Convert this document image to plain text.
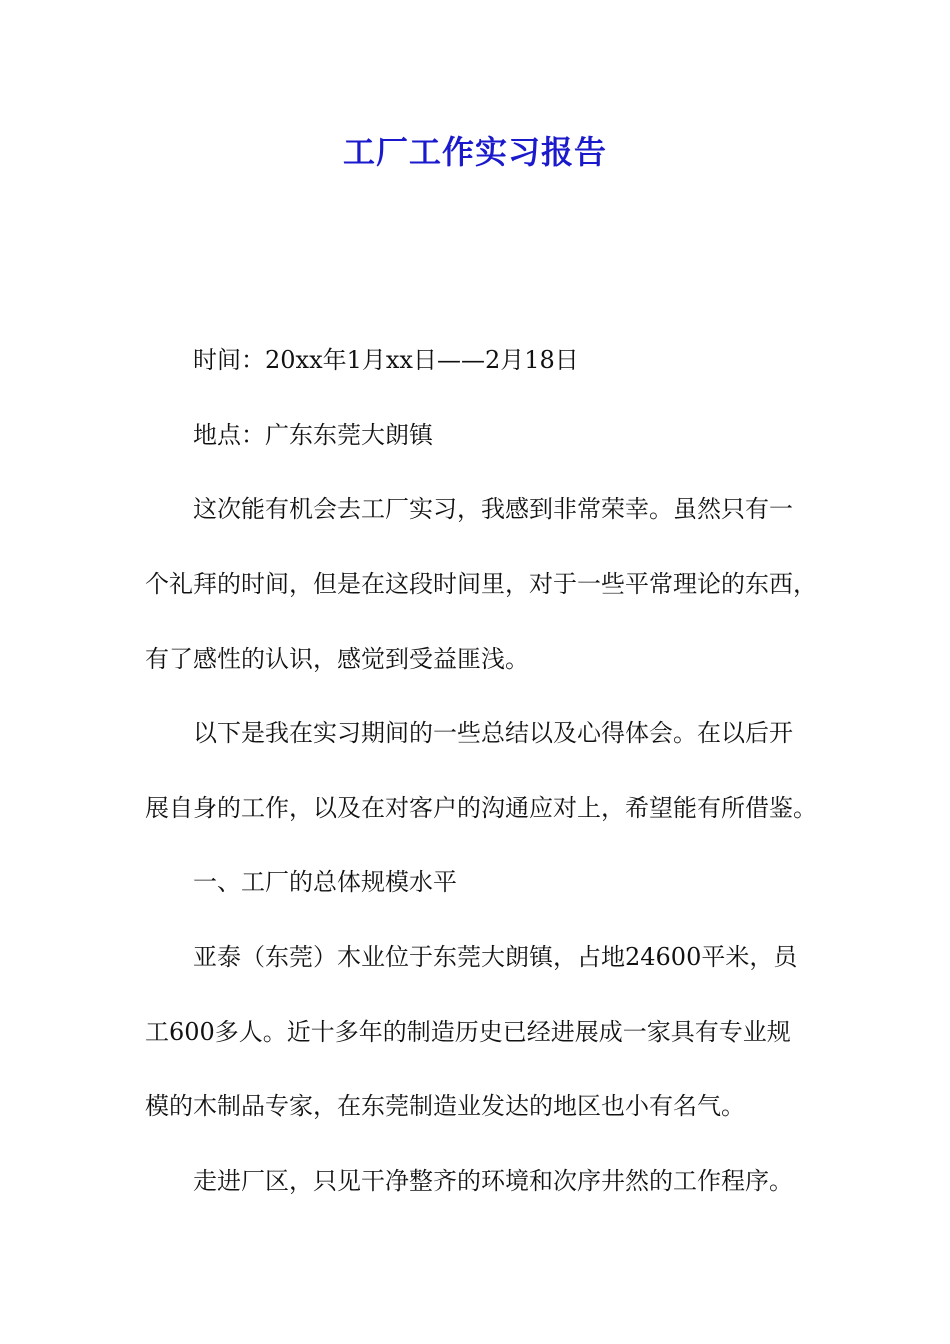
工厂工作实习报告
时间：20xx年1月xx日——2月18日
地点：广东东莞大朗镇
这次能有机会去工厂实习，我感到非常荣幸。虽然只有一
个礼拜的时间，但是在这段时间里，对于一些平常理论的东西，
有了感性的认识，感觉到受益匪浅。
以下是我在实习期间的一些总结以及心得体会。在以后开
展自身的工作，以及在对客户的沟通应对上，希望能有所借鉴。
一、工厂的总体规模水平
亚泰（东莞）木业位于东莞大朗镇，占地24600平米，员
工600多人。近十多年的制造历史已经进展成一家具有专业规
模的木制品专家，在东莞制造业发达的地区也小有名气。
走进厂区，只见干净整齐的环境和次序井然的工作程序。
